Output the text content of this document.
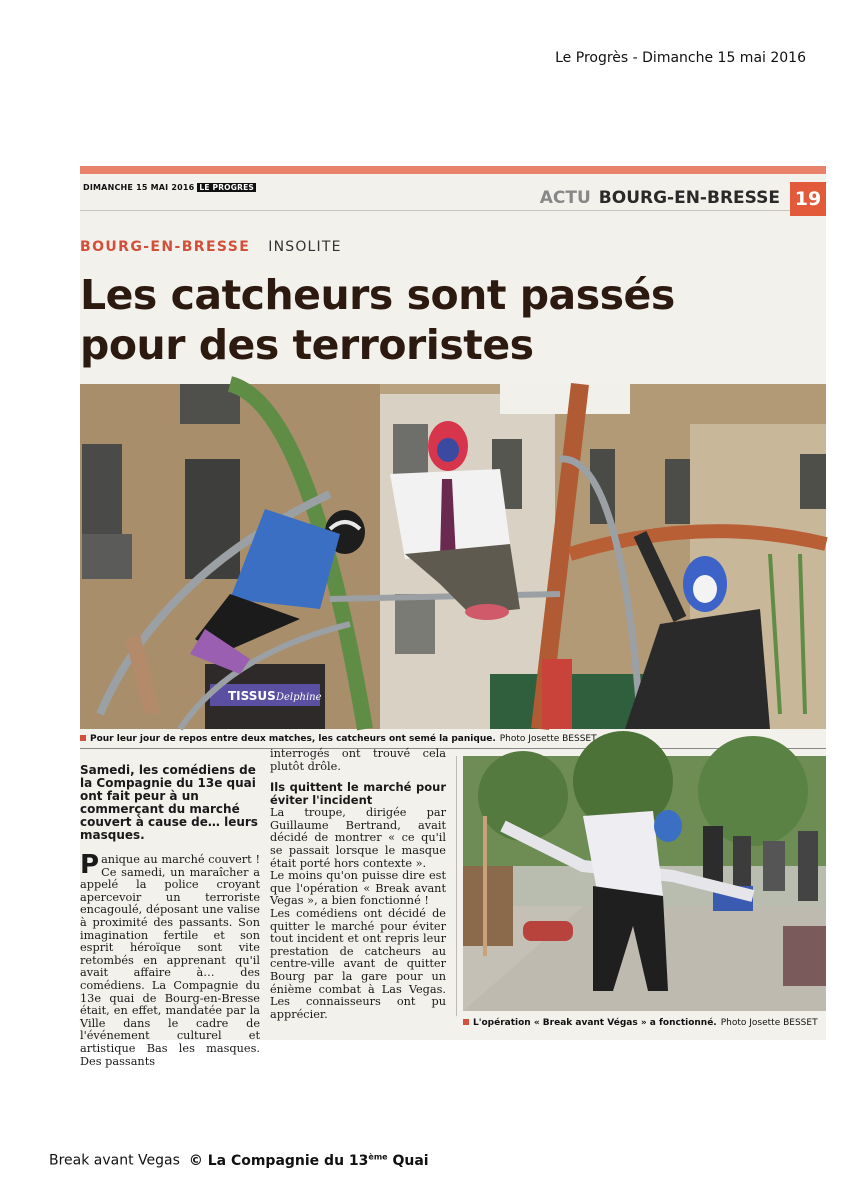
Le Progrès - Dimanche 15 mai 2016
DIMANCHE 15 MAI 2016 LE PROGRES
ACTU BOURG-EN-BRESSE 19
BOURG-EN-BRESSE INSOLITE
Les catcheurs sont passés
pour des terroristes
TISSUS Delphine
Pour leur jour de repos entre deux matches, les catcheurs ont semé la panique. Photo Josette BESSET

Samedi, les comédiens de la Compagnie du 13e quai ont fait peur à un commerçant du marché couvert à cause de… leurs masques.

Panique au marché couvert ! Ce samedi, un maraîcher a appelé la police croyant apercevoir un terroriste encagoulé, déposant une valise à proximité des passants. Son imagination fertile et son esprit héroïque sont vite retombés en apprenant qu'il avait affaire à… des comédiens. La Compagnie du 13e quai de Bourg-en-Bresse était, en effet, mandatée par la Ville dans le cadre de l'événement culturel et artistique Bas les masques. Des passants

interrogés ont trouvé cela plutôt drôle.

Ils quittent le marché pour éviter l'incident

La troupe, dirigée par Guillaume Bertrand, avait décidé de montrer « ce qu'il se passait lorsque le masque était porté hors contexte ».

Le moins qu'on puisse dire est que l'opération « Break avant Vegas », a bien fonctionné !

Les comédiens ont décidé de quitter le marché pour éviter tout incident et ont repris leur prestation de catcheurs au centre-ville avant de quitter Bourg par la gare pour un énième combat à Las Vegas. Les connaisseurs ont pu apprécier.

L'opération « Break avant Végas » a fonctionné. Photo Josette BESSET
Break avant Vegas © La Compagnie du 13ème Quai
